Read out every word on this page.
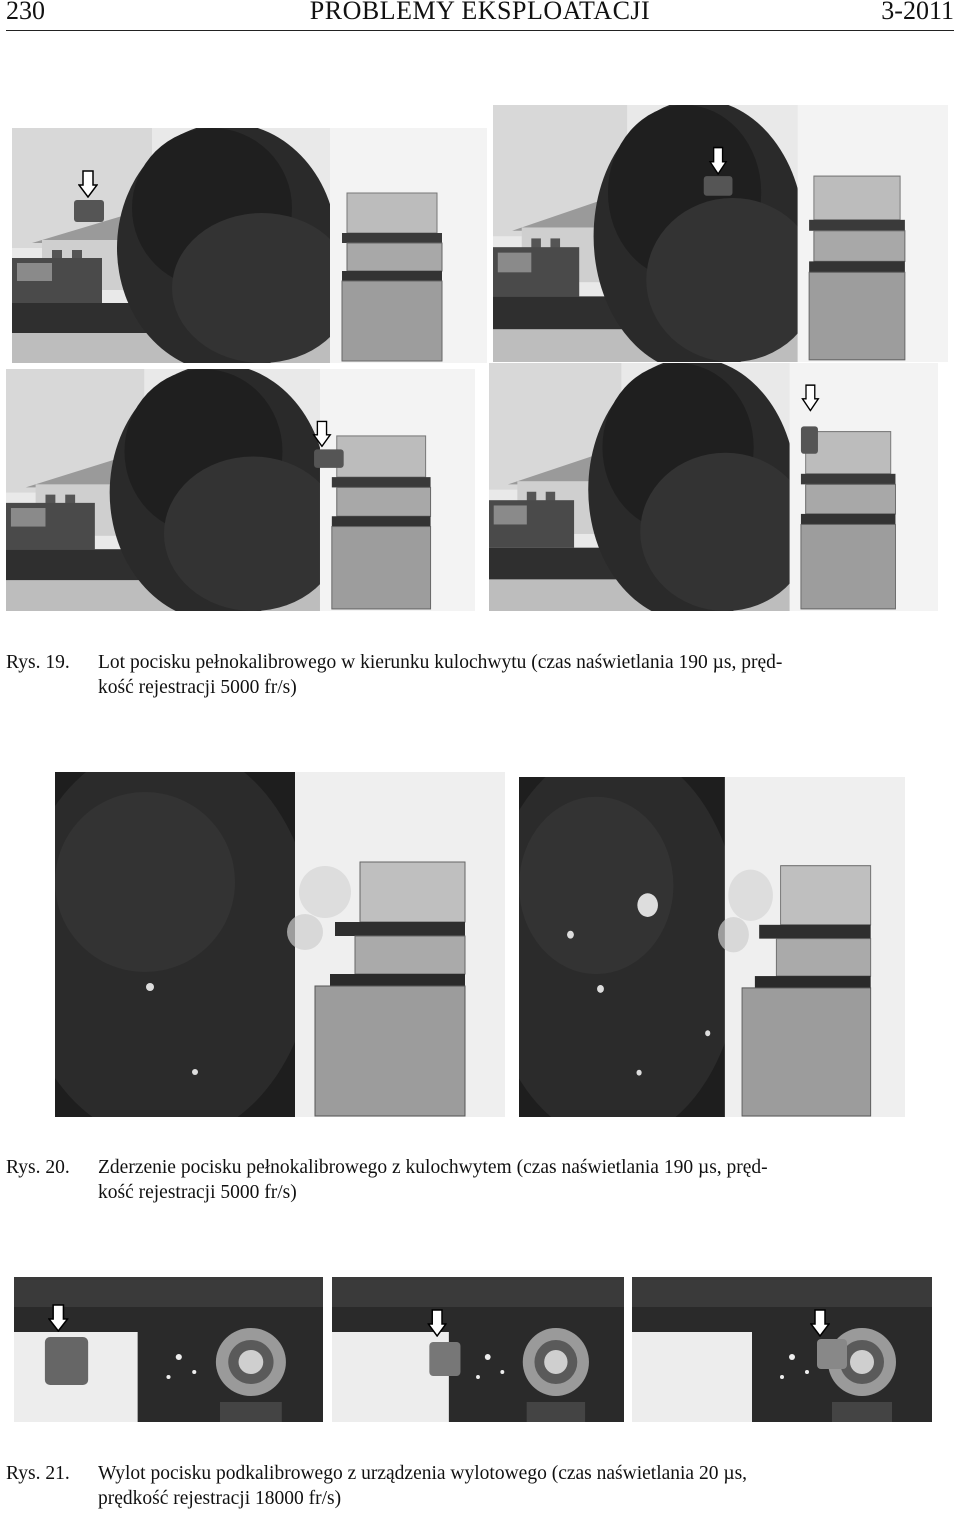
230	PROBLEMY EKSPLOATACJI	3-2011
Rys. 19. Lot pocisku pełnokalibrowego w kierunku kulochwytu (czas naświetlania 190 µs, pręd-
kość rejestracji 5000 fr/s)
Rys. 20. Zderzenie pocisku pełnokalibrowego z kulochwytem (czas naświetlania 190 µs, pręd-
kość rejestracji 5000 fr/s)
Rys. 21. Wylot pocisku podkalibrowego z urządzenia wylotowego (czas naświetlania 20 µs,
prędkość rejestracji 18000 fr/s)
